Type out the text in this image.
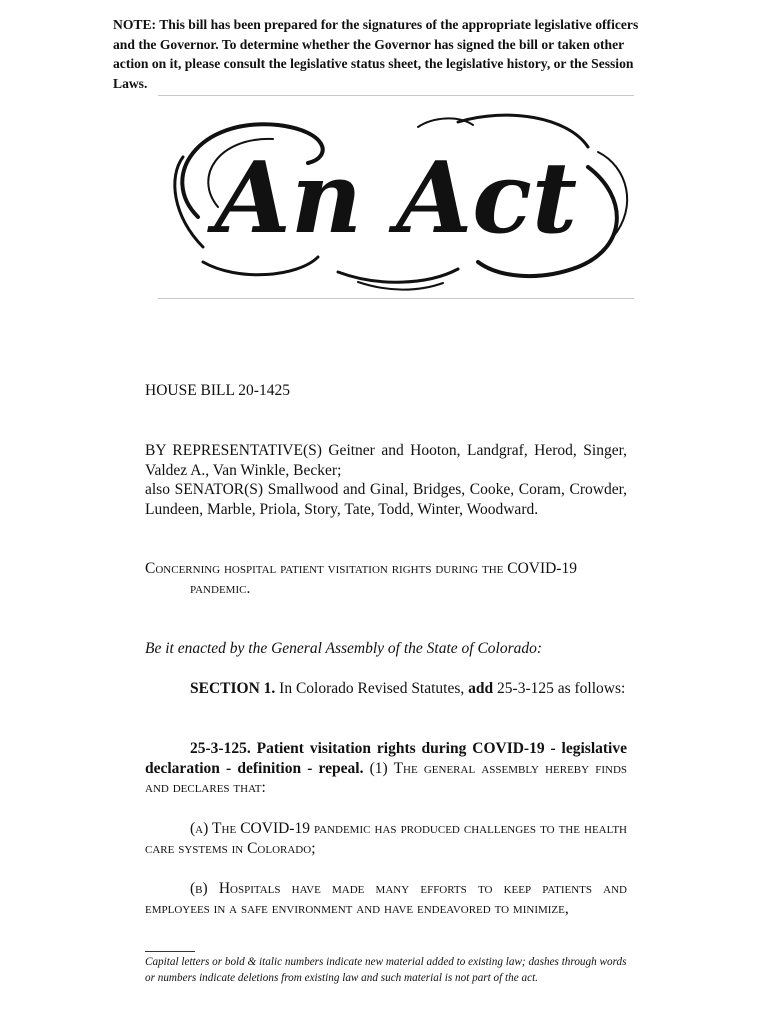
NOTE: This bill has been prepared for the signatures of the appropriate legislative officers and the Governor. To determine whether the Governor has signed the bill or taken other action on it, please consult the legislative status sheet, the legislative history, or the Session Laws.
An Act
HOUSE BILL 20-1425
BY REPRESENTATIVE(S) Geitner and Hooton, Landgraf, Herod, Singer, Valdez A., Van Winkle, Becker;
also SENATOR(S) Smallwood and Ginal, Bridges, Cooke, Coram, Crowder, Lundeen, Marble, Priola, Story, Tate, Todd, Winter, Woodward.
Concerning hospital patient visitation rights during the COVID-19
pandemic.
Be it enacted by the General Assembly of the State of Colorado:
SECTION 1. In Colorado Revised Statutes, add 25-3-125 as follows:
25-3-125. Patient visitation rights during COVID-19 - legislative declaration - definition - repeal. (1) The general assembly hereby finds and declares that:
(a) The COVID-19 pandemic has produced challenges to the health care systems in Colorado;
(b) Hospitals have made many efforts to keep patients and employees in a safe environment and have endeavored to minimize,
Capital letters or bold & italic numbers indicate new material added to existing law; dashes through words or numbers indicate deletions from existing law and such material is not part of the act.
